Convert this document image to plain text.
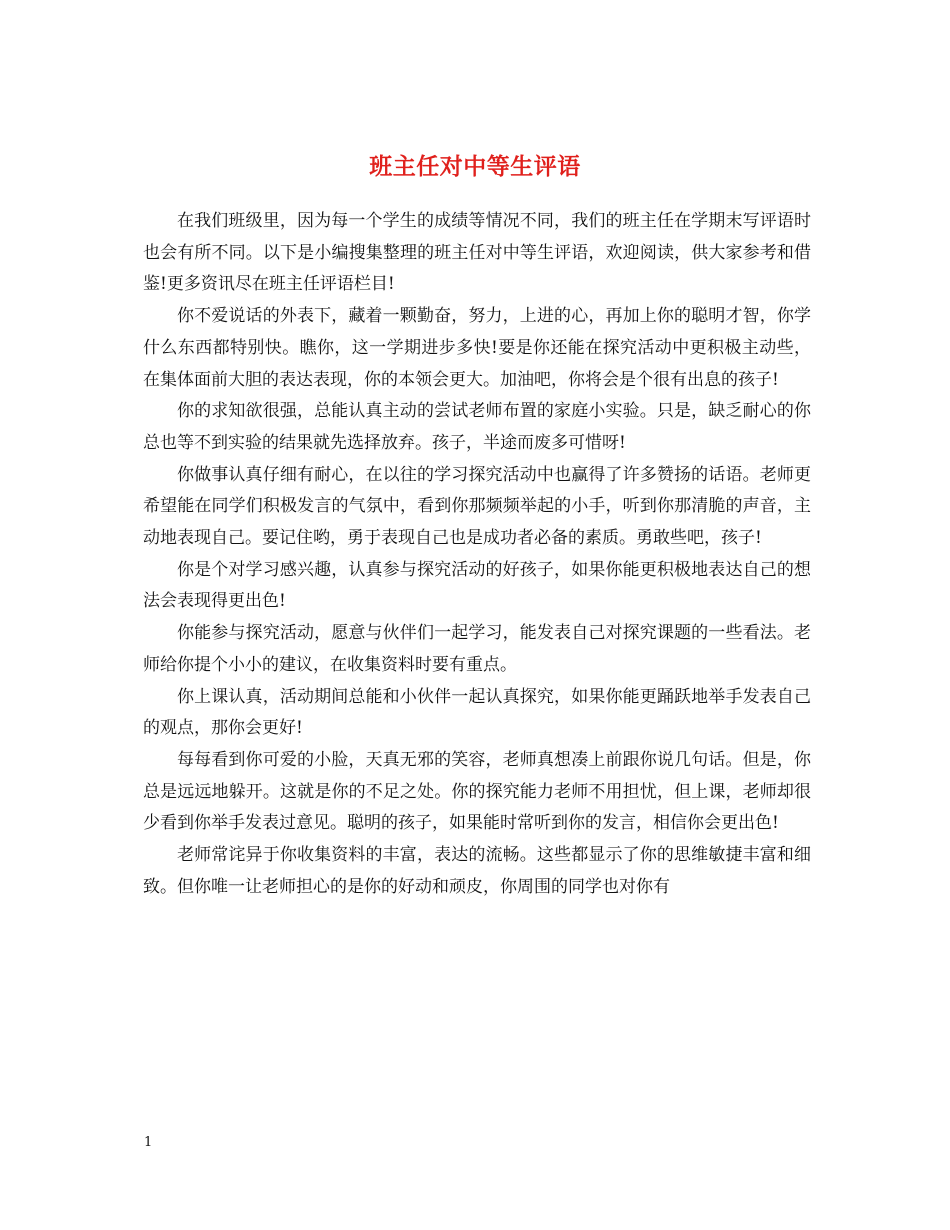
班主任对中等生评语

在我们班级里，因为每一个学生的成绩等情况不同，我们的班主任在学期末写评语时也会有所不同。以下是小编搜集整理的班主任对中等生评语，欢迎阅读，供大家参考和借鉴!更多资讯尽在班主任评语栏目!

你不爱说话的外表下，藏着一颗勤奋，努力，上进的心，再加上你的聪明才智，你学什么东西都特别快。瞧你，这一学期进步多快!要是你还能在探究活动中更积极主动些，在集体面前大胆的表达表现，你的本领会更大。加油吧，你将会是个很有出息的孩子!

你的求知欲很强，总能认真主动的尝试老师布置的家庭小实验。只是，缺乏耐心的你总也等不到实验的结果就先选择放弃。孩子，半途而废多可惜呀!

你做事认真仔细有耐心，在以往的学习探究活动中也赢得了许多赞扬的话语。老师更希望能在同学们积极发言的气氛中，看到你那频频举起的小手，听到你那清脆的声音，主动地表现自己。要记住哟，勇于表现自己也是成功者必备的素质。勇敢些吧，孩子!

你是个对学习感兴趣，认真参与探究活动的好孩子，如果你能更积极地表达自己的想法会表现得更出色!

你能参与探究活动，愿意与伙伴们一起学习，能发表自己对探究课题的一些看法。老师给你提个小小的建议，在收集资料时要有重点。

你上课认真，活动期间总能和小伙伴一起认真探究，如果你能更踊跃地举手发表自己的观点，那你会更好!

每每看到你可爱的小脸，天真无邪的笑容，老师真想凑上前跟你说几句话。但是，你总是远远地躲开。这就是你的不足之处。你的探究能力老师不用担忧，但上课，老师却很少看到你举手发表过意见。聪明的孩子，如果能时常听到你的发言，相信你会更出色!

老师常诧异于你收集资料的丰富，表达的流畅。这些都显示了你的思维敏捷丰富和细致。但你唯一让老师担心的是你的好动和顽皮，你周围的同学也对你有

1
